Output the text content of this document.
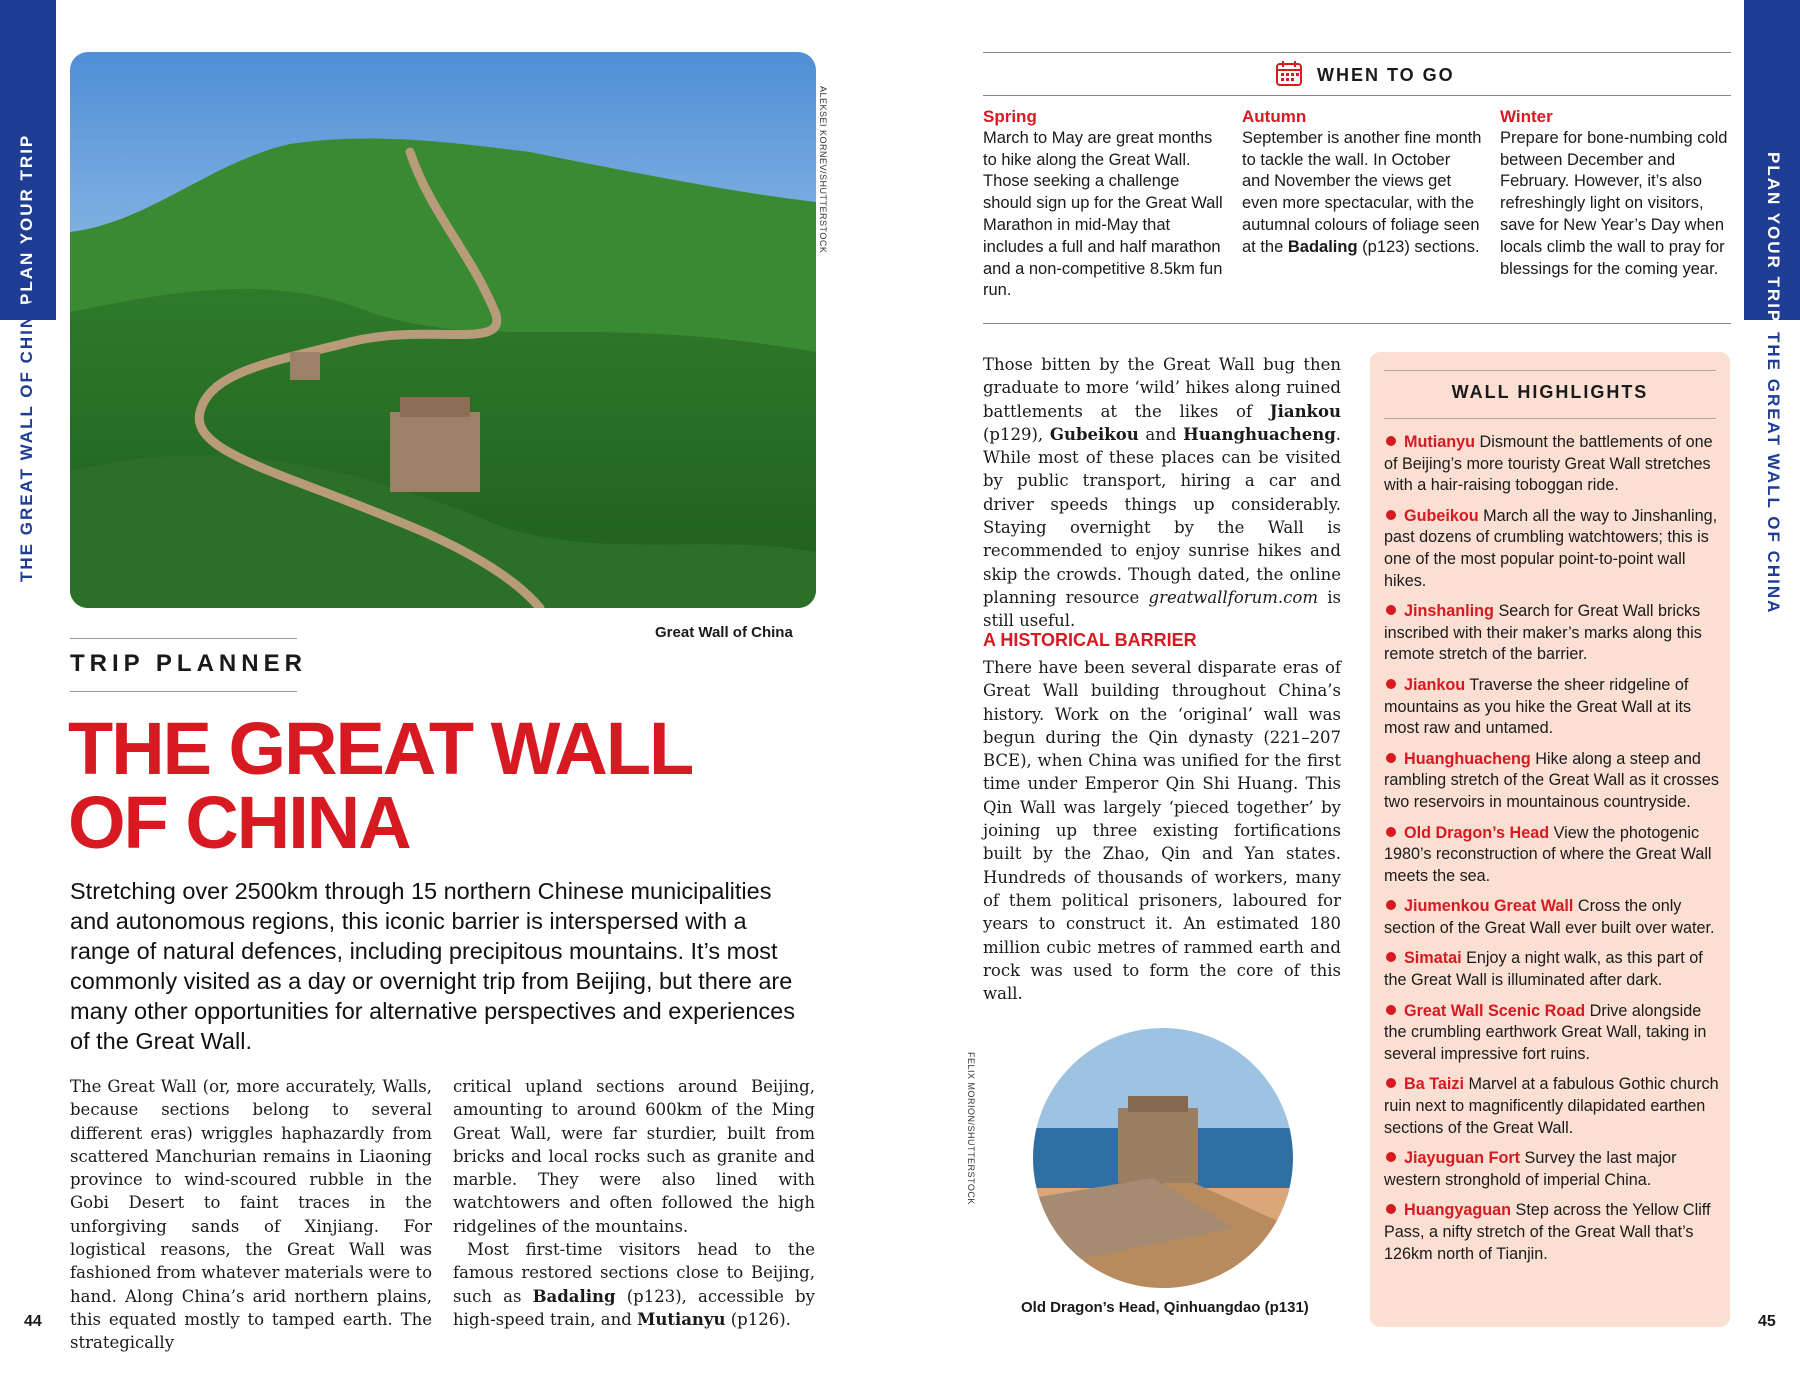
PLAN YOUR TRIP
THE GREAT WALL OF CHINA
44
ALEKSEI KORNEV/SHUTTERSTOCK
Great Wall of China
TRIP PLANNER
THE GREAT WALL
OF CHINA
Stretching over 2500km through 15 northern Chinese municipalities and autonomous regions, this iconic barrier is interspersed with a range of natural defences, including precipitous mountains. It’s most commonly visited as a day or overnight trip from Beijing, but there are many other opportunities for alternative perspectives and experiences of the Great Wall.
The Great Wall (or, more accurately, Walls, because sections belong to several different eras) wriggles haphazardly from scattered Manchurian remains in Liaoning province to wind-scoured rubble in the Gobi Desert to faint traces in the unforgiving sands of Xinjiang. For logistical reasons, the Great Wall was fashioned from whatever materials were to hand. Along China’s arid northern plains, this equated mostly to tamped earth. The strategically

critical upland sections around Beijing, amounting to around 600km of the Ming Great Wall, were far sturdier, built from bricks and local rocks such as granite and marble. They were also lined with watchtowers and often followed the high ridgelines of the mountains.

Most first-time visitors head to the famous restored sections close to Beijing, such as Badaling (p123), accessible by high-speed train, and Mutianyu (p126).

PLAN YOUR TRIP
THE GREAT WALL OF CHINA
45
WHEN TO GO
Spring
March to May are great months to hike along the Great Wall. Those seeking a challenge should sign up for the Great Wall Marathon in mid-May that includes a full and half marathon and a non-competitive 8.5km fun run.
Autumn
September is another fine month to tackle the wall. In October and November the views get even more spectacular, with the autumnal colours of foliage seen at the Badaling (p123) sections.
Winter
Prepare for bone-numbing cold between December and February. However, it’s also refreshingly light on visitors, save for New Year’s Day when locals climb the wall to pray for blessings for the coming year.
Those bitten by the Great Wall bug then graduate to more ‘wild’ hikes along ruined battlements at the likes of Jiankou (p129), Gubeikou and Huanghuacheng. While most of these places can be visited by public transport, hiring a car and driver speeds things up considerably. Staying overnight by the Wall is recommended to enjoy sunrise hikes and skip the crowds. Though dated, the online planning resource greatwallforum.com is still useful.
A HISTORICAL BARRIER
There have been several disparate eras of Great Wall building throughout China’s history. Work on the ‘original’ wall was begun during the Qin dynasty (221–207 BCE), when China was unified for the first time under Emperor Qin Shi Huang. This Qin Wall was largely ‘pieced together’ by joining up three existing fortifications built by the Zhao, Qin and Yan states. Hundreds of thousands of workers, many of them political prisoners, laboured for years to construct it. An estimated 180 million cubic metres of rammed earth and rock was used to form the core of this wall.
FELIX MORION/SHUTTERSTOCK
Old Dragon’s Head, Qinhuangdao (p131)
WALL HIGHLIGHTS
Mutianyu Dismount the battlements of one of Beijing’s more touristy Great Wall stretches with a hair-raising toboggan ride.
Gubeikou March all the way to Jinshanling, past dozens of crumbling watchtowers; this is one of the most popular point-to-point wall hikes.
Jinshanling Search for Great Wall bricks inscribed with their maker’s marks along this remote stretch of the barrier.
Jiankou Traverse the sheer ridgeline of mountains as you hike the Great Wall at its most raw and untamed.
Huanghuacheng Hike along a steep and rambling stretch of the Great Wall as it crosses two reservoirs in mountainous countryside.
Old Dragon’s Head View the photogenic 1980’s reconstruction of where the Great Wall meets the sea.
Jiumenkou Great Wall Cross the only section of the Great Wall ever built over water.
Simatai Enjoy a night walk, as this part of the Great Wall is illuminated after dark.
Great Wall Scenic Road Drive alongside the crumbling earthwork Great Wall, taking in several impressive fort ruins.
Ba Taizi Marvel at a fabulous Gothic church ruin next to magnificently dilapidated earthen sections of the Great Wall.
Jiayuguan Fort Survey the last major western stronghold of imperial China.
Huangyaguan Step across the Yellow Cliff Pass, a nifty stretch of the Great Wall that’s 126km north of Tianjin.
